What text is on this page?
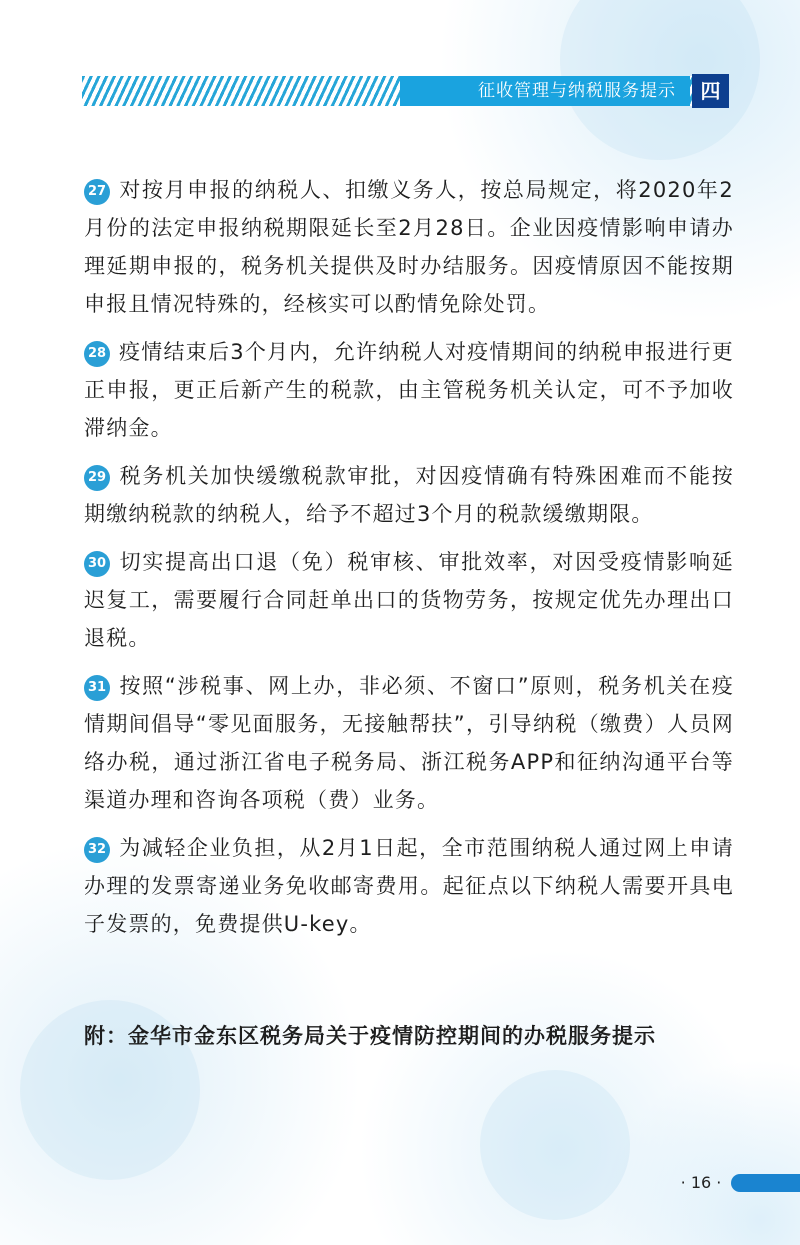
征收管理与纳税服务提示	四

27 对按月申报的纳税人、扣缴义务人，按总局规定，将2020年2月份的法定申报纳税期限延长至2月28日。企业因疫情影响申请办理延期申报的，税务机关提供及时办结服务。因疫情原因不能按期申报且情况特殊的，经核实可以酌情免除处罚。

28 疫情结束后3个月内，允许纳税人对疫情期间的纳税申报进行更正申报，更正后新产生的税款，由主管税务机关认定，可不予加收滞纳金。

29 税务机关加快缓缴税款审批，对因疫情确有特殊困难而不能按期缴纳税款的纳税人，给予不超过3个月的税款缓缴期限。

30 切实提高出口退（免）税审核、审批效率，对因受疫情影响延迟复工，需要履行合同赶单出口的货物劳务，按规定优先办理出口退税。

31 按照“涉税事、网上办，非必须、不窗口”原则，税务机关在疫情期间倡导“零见面服务，无接触帮扶”，引导纳税（缴费）人员网络办税，通过浙江省电子税务局、浙江税务APP和征纳沟通平台等渠道办理和咨询各项税（费）业务。

32 为减轻企业负担，从2月1日起，全市范围纳税人通过网上申请办理的发票寄递业务免收邮寄费用。起征点以下纳税人需要开具电子发票的，免费提供U-key。

附：金华市金东区税务局关于疫情防控期间的办税服务提示
· 16 ·
